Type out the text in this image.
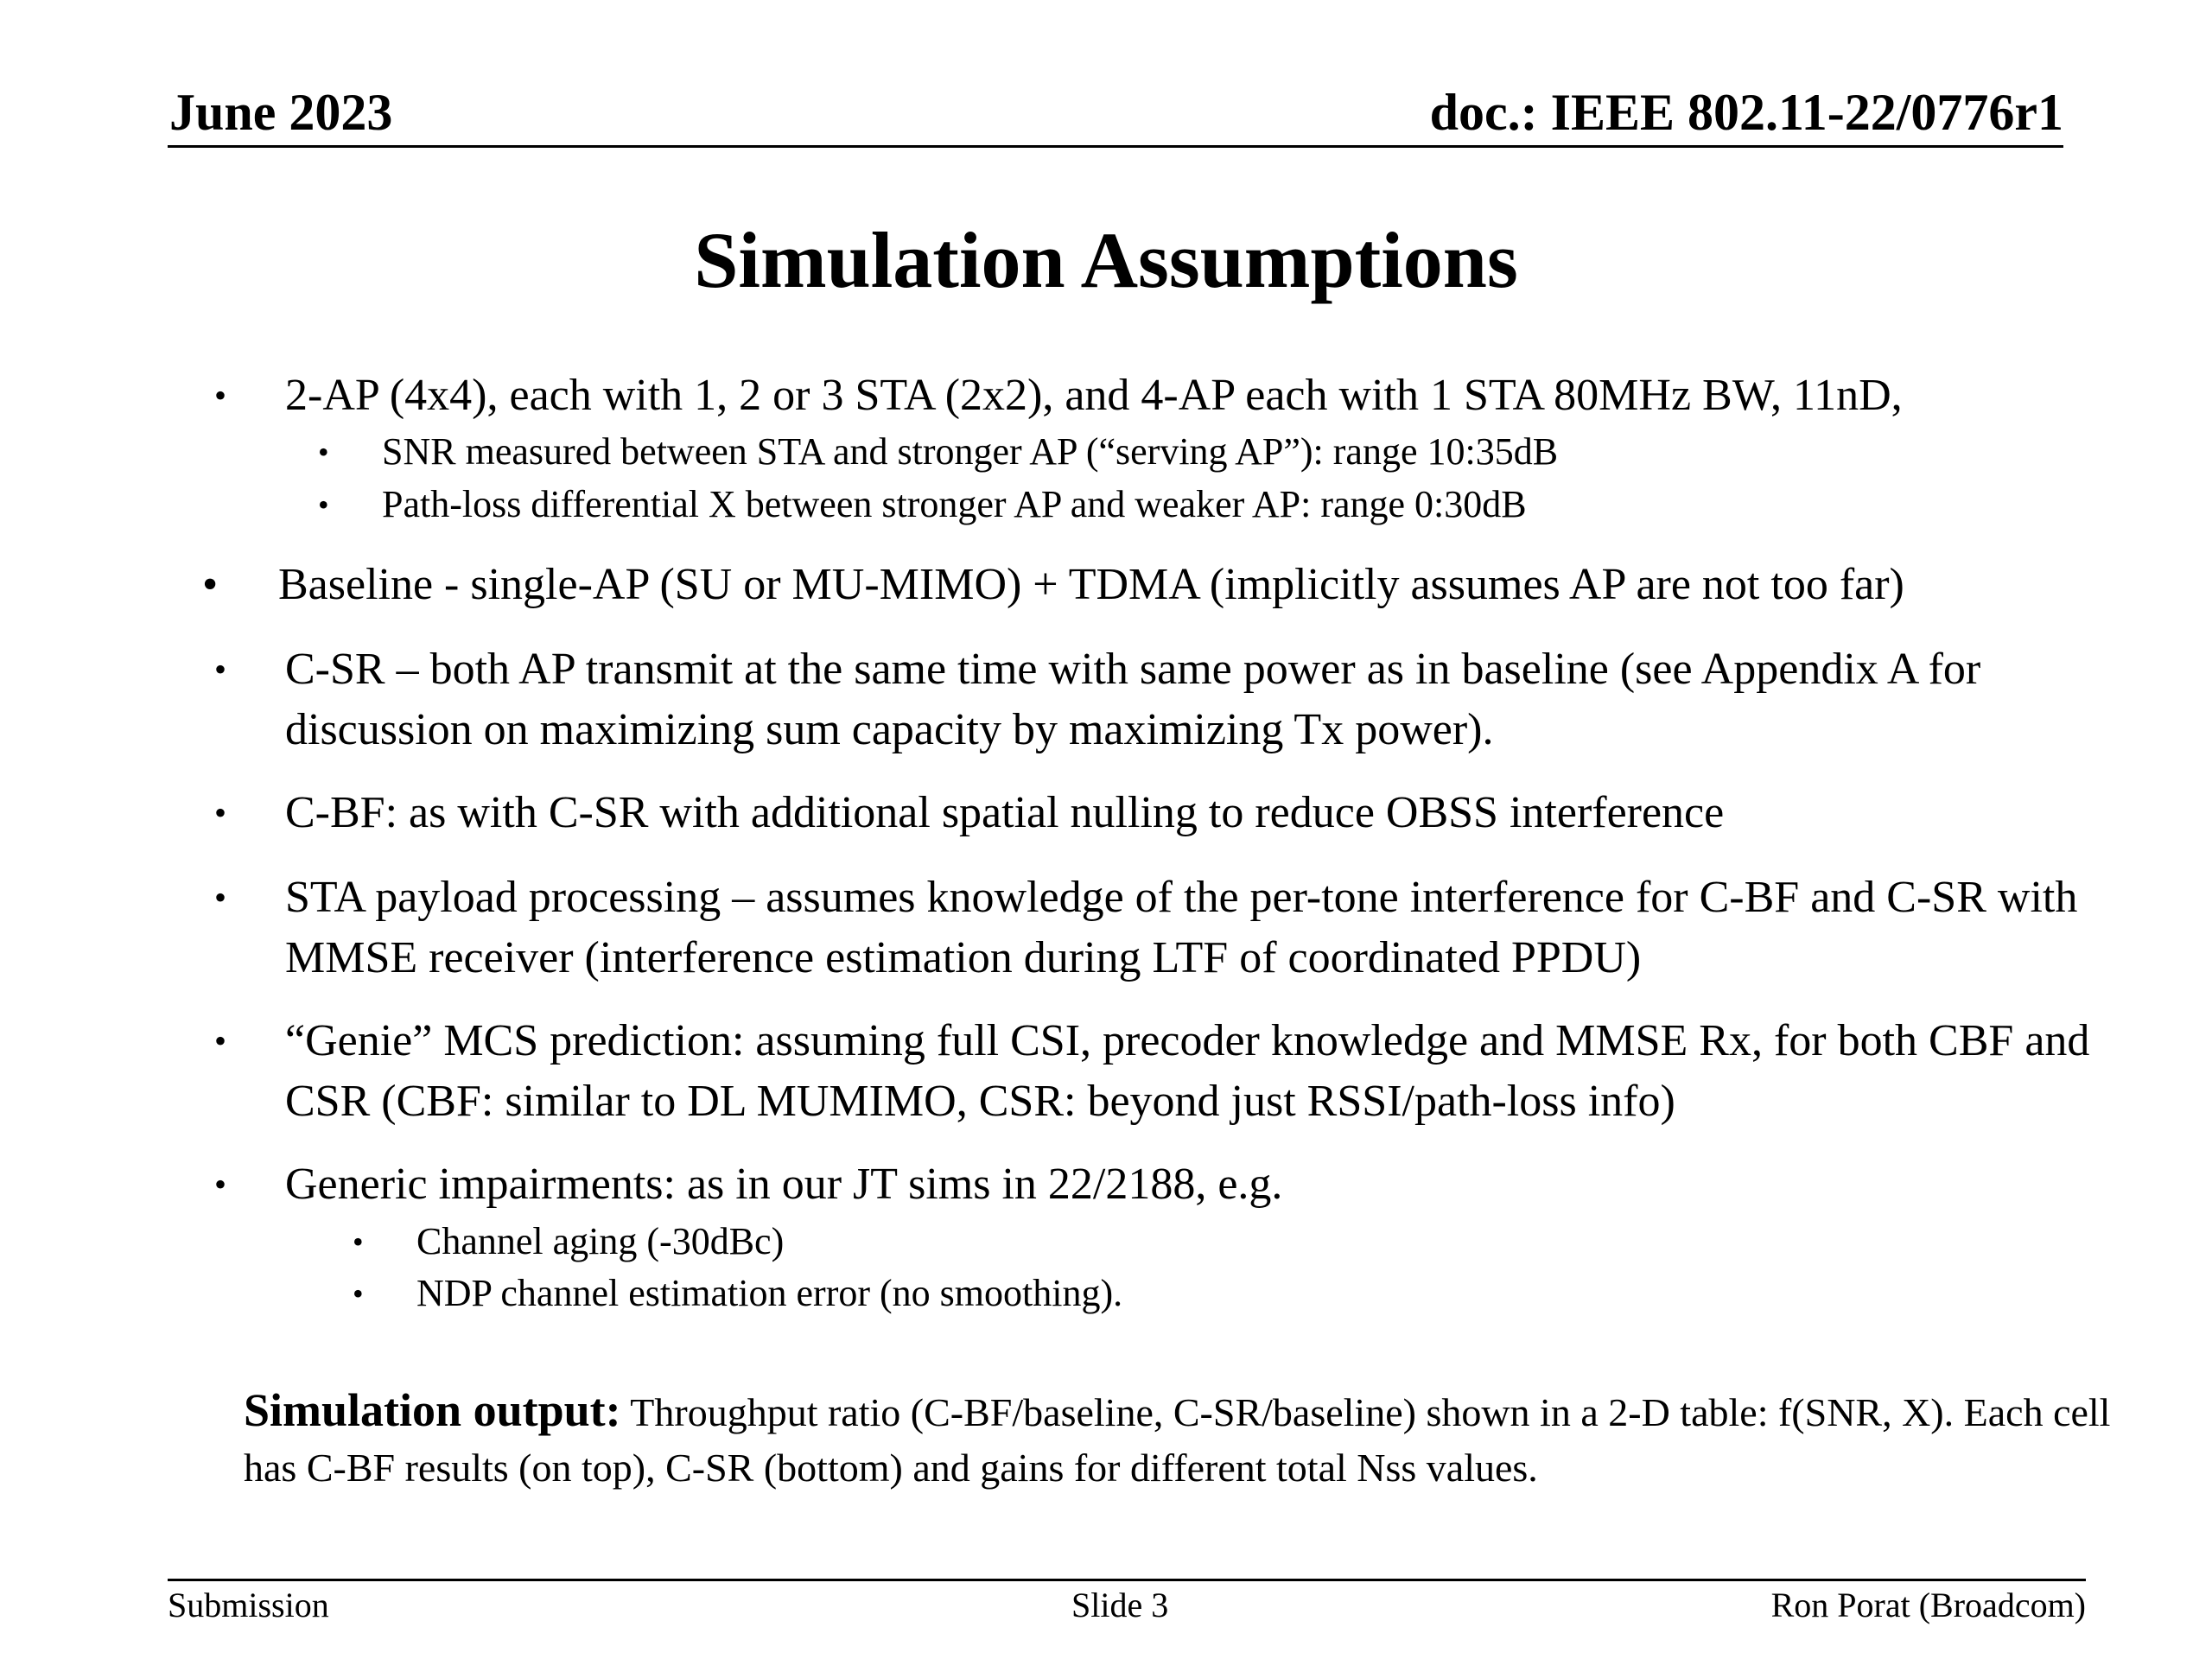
June 2023	doc.: IEEE 802.11-22/0776r1
Simulation Assumptions
• 2-AP (4x4), each with 1, 2 or 3 STA (2x2), and 4-AP each with 1 STA 80MHz BW, 11nD,
• SNR measured between STA and stronger AP (“serving AP”): range 10:35dB
• Path-loss differential X between stronger AP and weaker AP: range 0:30dB
• Baseline - single-AP (SU or MU-MIMO) + TDMA (implicitly assumes AP are not too far)
• C-SR – both AP transmit at the same time with same power as in baseline (see Appendix A for discussion on maximizing sum capacity by maximizing Tx power).
• C-BF: as with C-SR with additional spatial nulling to reduce OBSS interference
• STA payload processing – assumes knowledge of the per-tone interference for C-BF and C-SR with MMSE receiver (interference estimation during LTF of coordinated PPDU)
• “Genie” MCS prediction: assuming full CSI, precoder knowledge and MMSE Rx, for both CBF and CSR (CBF: similar to DL MUMIMO, CSR: beyond just RSSI/path-loss info)
• Generic impairments: as in our JT sims in 22/2188, e.g.
• Channel aging (-30dBc)
• NDP channel estimation error (no smoothing).
Simulation output: Throughput ratio (C-BF/baseline, C-SR/baseline) shown in a 2-D table: f(SNR, X). Each cell has C-BF results (on top), C-SR (bottom) and gains for different total Nss values.
Submission	Slide 3	Ron Porat (Broadcom)
